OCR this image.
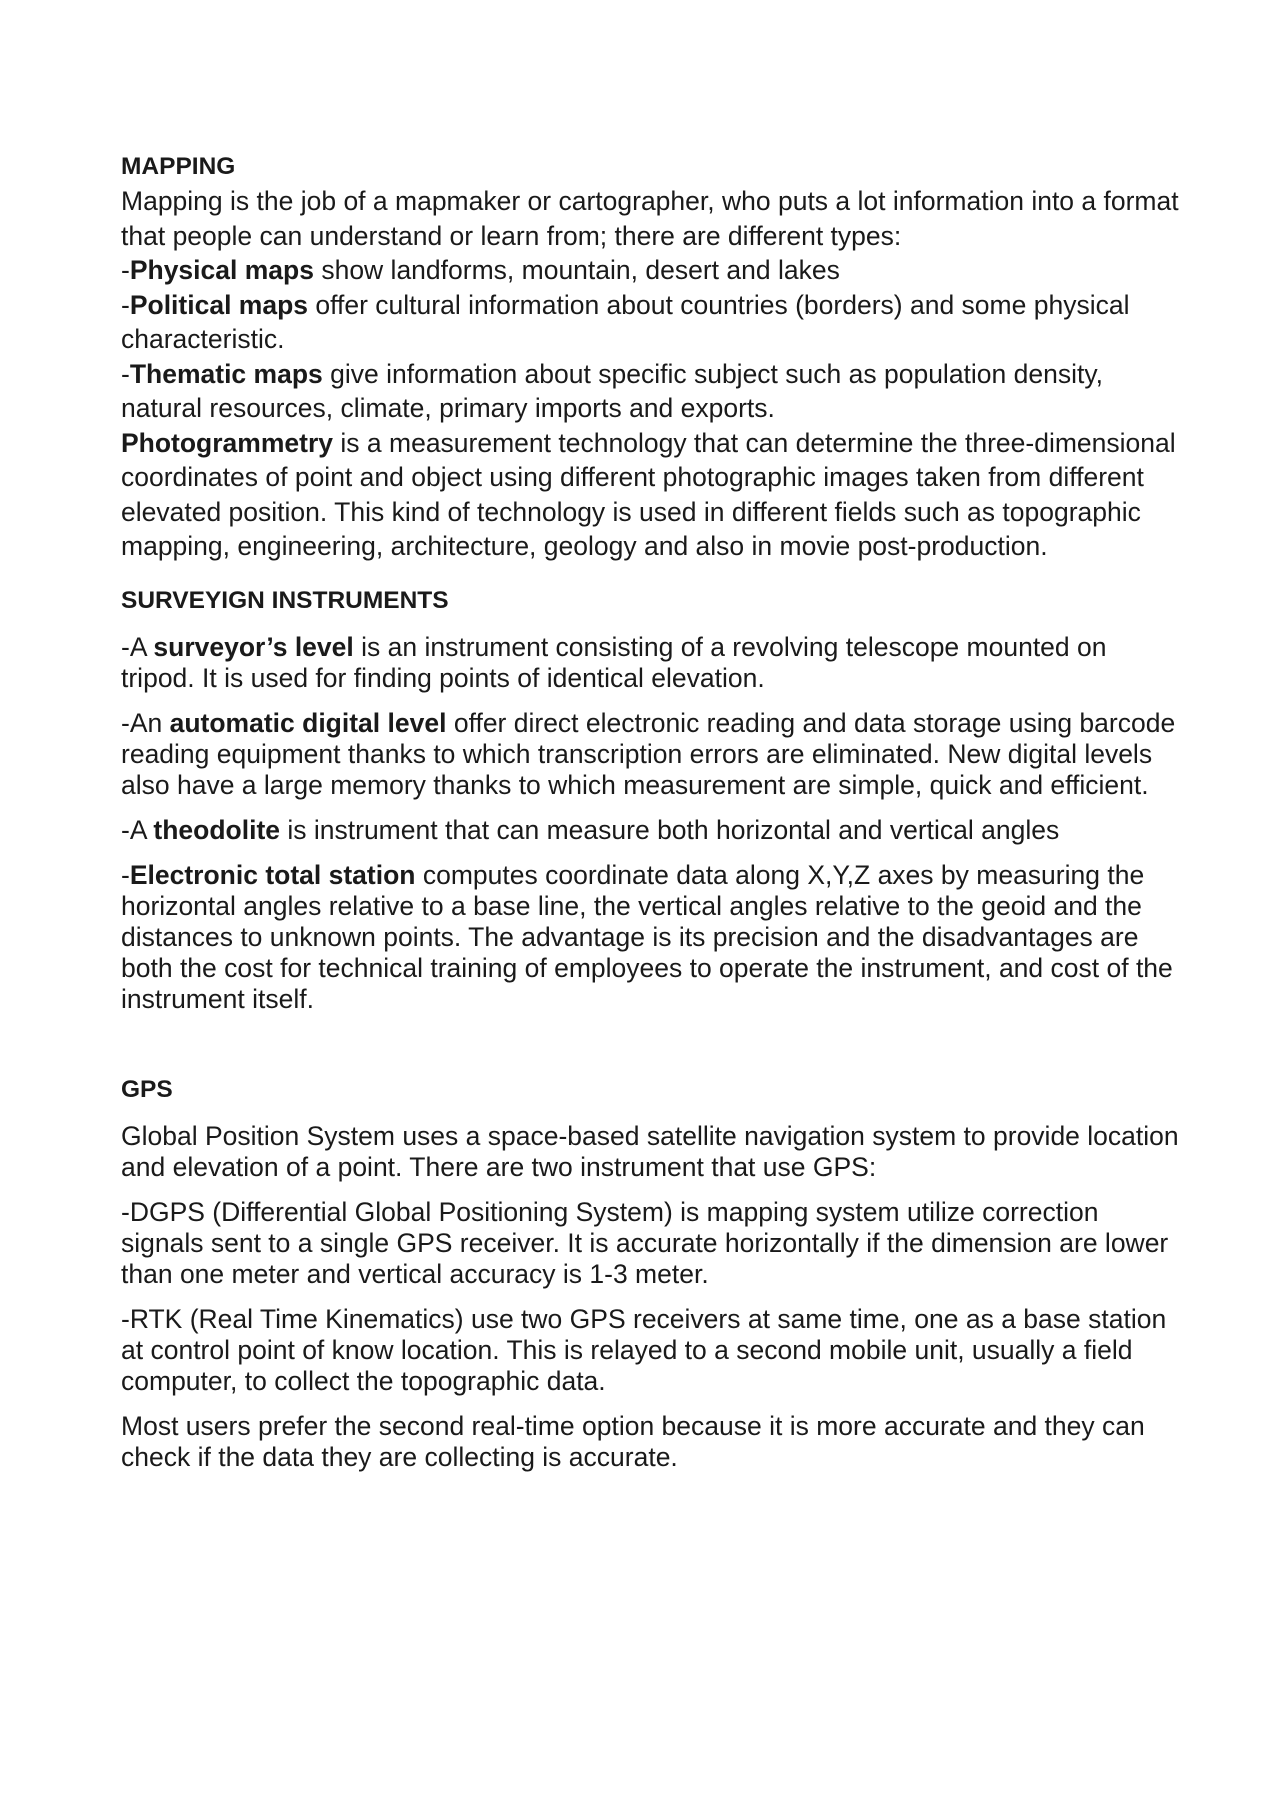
MAPPING

Mapping is the job of a mapmaker or cartographer, who puts a lot information into a format that people can understand or learn from; there are different types:

-Physical maps show landforms, mountain, desert and lakes

-Political maps offer cultural information about countries (borders) and some physical characteristic.

-Thematic maps give information about specific subject such as population density, natural resources, climate, primary imports and exports.

Photogrammetry is a measurement technology that can determine the three-dimensional coordinates of point and object using different photographic images taken from different elevated position. This kind of technology is used in different fields such as topographic mapping, engineering, architecture, geology and also in movie post-production.

SURVEYIGN INSTRUMENTS

-A surveyor’s level is an instrument consisting of a revolving telescope mounted on tripod. It is used for finding points of identical elevation.

-An automatic digital level offer direct electronic reading and data storage using barcode reading equipment thanks to which transcription errors are eliminated. New digital levels also have a large memory thanks to which measurement are simple, quick and efficient.

-A theodolite is instrument that can measure both horizontal and vertical angles

-Electronic total station computes coordinate data along X,Y,Z axes by measuring the horizontal angles relative to a base line, the vertical angles relative to the geoid and the distances to unknown points. The advantage is its precision and the disadvantages are both the cost for technical training of employees to operate the instrument, and cost of the instrument itself.

GPS

Global Position System uses a space-based satellite navigation system to provide location and elevation of a point. There are two instrument that use GPS:

-DGPS (Differential Global Positioning System) is mapping system utilize correction signals sent to a single GPS receiver. It is accurate horizontally if the dimension are lower than one meter and vertical accuracy is 1-3 meter.

-RTK (Real Time Kinematics) use two GPS receivers at same time, one as a base station at control point of know location. This is relayed to a second mobile unit, usually a field computer, to collect the topographic data.

Most users prefer the second real-time option because it is more accurate and they can check if the data they are collecting is accurate.
